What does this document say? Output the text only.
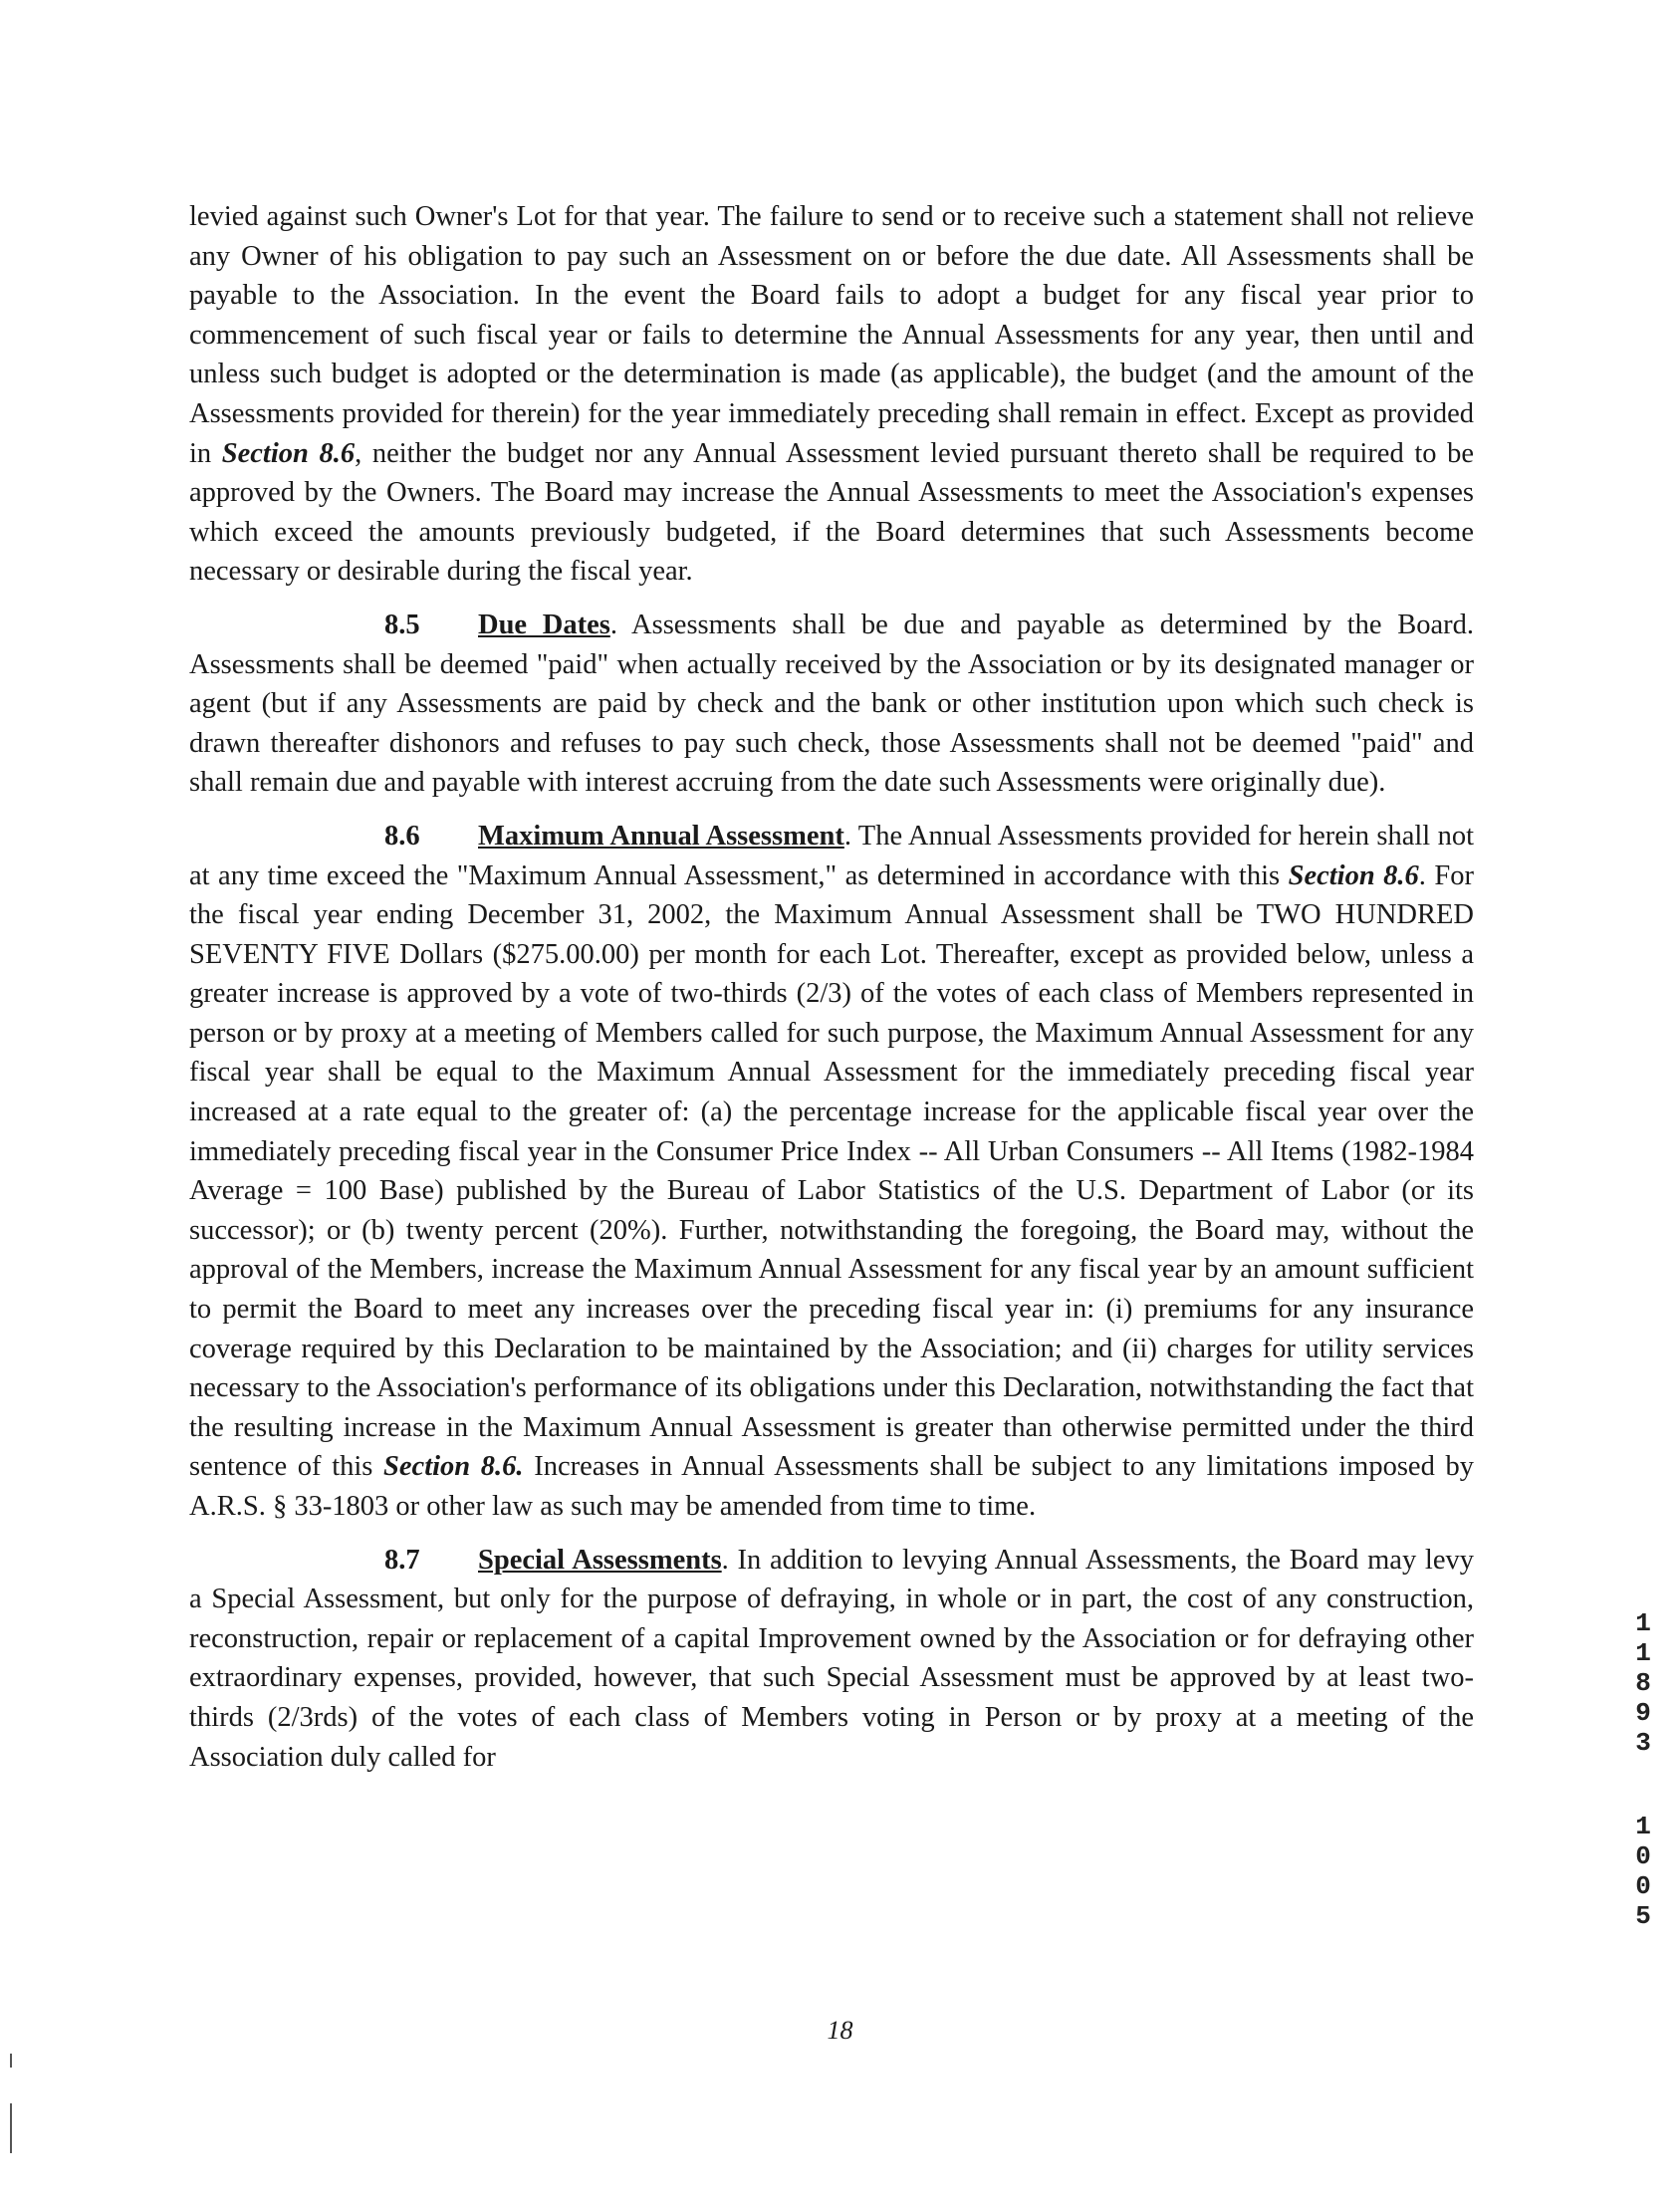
levied against such Owner's Lot for that year. The failure to send or to receive such a statement shall not relieve any Owner of his obligation to pay such an Assessment on or before the due date. All Assessments shall be payable to the Association. In the event the Board fails to adopt a budget for any fiscal year prior to commencement of such fiscal year or fails to determine the Annual Assessments for any year, then until and unless such budget is adopted or the determination is made (as applicable), the budget (and the amount of the Assessments provided for therein) for the year immediately preceding shall remain in effect. Except as provided in Section 8.6, neither the budget nor any Annual Assessment levied pursuant thereto shall be required to be approved by the Owners. The Board may increase the Annual Assessments to meet the Association's expenses which exceed the amounts previously budgeted, if the Board determines that such Assessments become necessary or desirable during the fiscal year.

8.5 Due Dates. Assessments shall be due and payable as determined by the Board. Assessments shall be deemed "paid" when actually received by the Association or by its designated manager or agent (but if any Assessments are paid by check and the bank or other institution upon which such check is drawn thereafter dishonors and refuses to pay such check, those Assessments shall not be deemed "paid" and shall remain due and payable with interest accruing from the date such Assessments were originally due).

8.6 Maximum Annual Assessment. The Annual Assessments provided for herein shall not at any time exceed the "Maximum Annual Assessment," as determined in accordance with this Section 8.6. For the fiscal year ending December 31, 2002, the Maximum Annual Assessment shall be TWO HUNDRED SEVENTY FIVE Dollars ($275.00.00) per month for each Lot. Thereafter, except as provided below, unless a greater increase is approved by a vote of two-thirds (2/3) of the votes of each class of Members represented in person or by proxy at a meeting of Members called for such purpose, the Maximum Annual Assessment for any fiscal year shall be equal to the Maximum Annual Assessment for the immediately preceding fiscal year increased at a rate equal to the greater of: (a) the percentage increase for the applicable fiscal year over the immediately preceding fiscal year in the Consumer Price Index -- All Urban Consumers -- All Items (1982-1984 Average = 100 Base) published by the Bureau of Labor Statistics of the U.S. Department of Labor (or its successor); or (b) twenty percent (20%). Further, notwithstanding the foregoing, the Board may, without the approval of the Members, increase the Maximum Annual Assessment for any fiscal year by an amount sufficient to permit the Board to meet any increases over the preceding fiscal year in: (i) premiums for any insurance coverage required by this Declaration to be maintained by the Association; and (ii) charges for utility services necessary to the Association's performance of its obligations under this Declaration, notwithstanding the fact that the resulting increase in the Maximum Annual Assessment is greater than otherwise permitted under the third sentence of this Section 8.6. Increases in Annual Assessments shall be subject to any limitations imposed by A.R.S. § 33-1803 or other law as such may be amended from time to time.

8.7 Special Assessments. In addition to levying Annual Assessments, the Board may levy a Special Assessment, but only for the purpose of defraying, in whole or in part, the cost of any construction, reconstruction, repair or replacement of a capital Improvement owned by the Association or for defraying other extraordinary expenses, provided, however, that such Special Assessment must be approved by at least two-thirds (2/3rds) of the votes of each class of Members voting in Person or by proxy at a meeting of the Association duly called for

18
11893
1005
